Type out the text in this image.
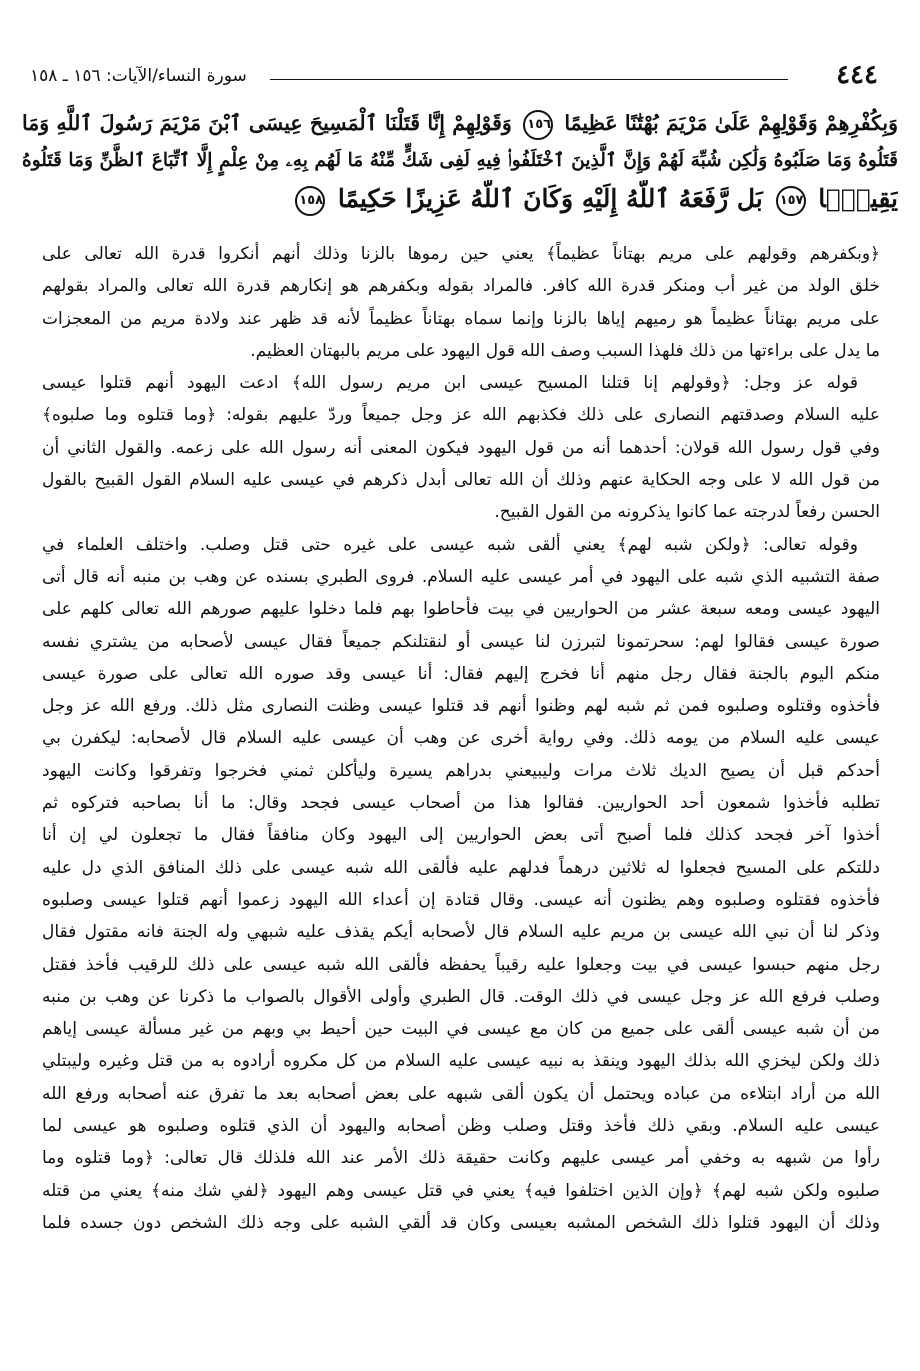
٤٤٤
سورة النساء/الآيات: ١٥٦ ـ ١٥٨
وَبِكُفْرِهِمْ وَقَوْلِهِمْ عَلَىٰ مَرْيَمَ بُهْتَٰنًا عَظِيمًا ١٥٦ وَقَوْلِهِمْ إِنَّا قَتَلْنَا ٱلْمَسِيحَ عِيسَى ٱبْنَ مَرْيَمَ رَسُولَ ٱللَّهِ وَمَا
قَتَلُوهُ وَمَا صَلَبُوهُ وَلَٰكِن شُبِّهَ لَهُمْ وَإِنَّ ٱلَّذِينَ ٱخْتَلَفُوا۟ فِيهِ لَفِى شَكٍّ مِّنْهُ مَا لَهُم بِهِۦ مِنْ عِلْمٍ إِلَّا ٱتِّبَاعَ ٱلظَّنِّ وَمَا قَتَلُوهُ
يَقِينًۢا ١٥٧ بَل رَّفَعَهُ ٱللَّهُ إِلَيْهِ وَكَانَ ٱللَّهُ عَزِيزًا حَكِيمًا ١٥٨
﴿وبكفرهم وقولهم على مريم بهتاناً عظيماً﴾ يعني حين رموها بالزنا وذلك أنهم أنكروا قدرة الله تعالى على
خلق الولد من غير أب ومنكر قدرة الله كافر. فالمراد بقوله وبكفرهم هو إنكارهم قدرة الله تعالى والمراد بقولهم
على مريم بهتاناً عظيماً هو رميهم إياها بالزنا وإنما سماه بهتاناً عظيماً لأنه قد ظهر عند ولادة مريم من المعجزات
ما يدل على براءتها من ذلك فلهذا السبب وصف الله قول اليهود على مريم بالبهتان العظيم.
قوله عز وجل: ﴿وقولهم إنا قتلنا المسيح عيسى ابن مريم رسول الله﴾ ادعت اليهود أنهم قتلوا عيسى
عليه السلام وصدقتهم النصارى على ذلك فكذبهم الله عز وجل جميعاً وردّ عليهم بقوله: ﴿وما قتلوه وما صلبوه﴾
وفي قول رسول الله قولان: أحدهما أنه من قول اليهود فيكون المعنى أنه رسول الله على زعمه. والقول الثاني أن
من قول الله لا على وجه الحكاية عنهم وذلك أن الله تعالى أبدل ذكرهم في عيسى عليه السلام القول القبيح بالقول
الحسن رفعاً لدرجته عما كانوا يذكرونه من القول القبيح.
وقوله تعالى: ﴿ولكن شبه لهم﴾ يعني ألقى شبه عيسى على غيره حتى قتل وصلب. واختلف العلماء في
صفة التشبيه الذي شبه على اليهود في أمر عيسى عليه السلام. فروى الطبري بسنده عن وهب بن منبه أنه قال أتى
اليهود عيسى ومعه سبعة عشر من الحواريين في بيت فأحاطوا بهم فلما دخلوا عليهم صورهم الله تعالى كلهم على
صورة عيسى فقالوا لهم: سحرتمونا لتبرزن لنا عيسى أو لنقتلنكم جميعاً فقال عيسى لأصحابه من يشتري نفسه
منكم اليوم بالجنة فقال رجل منهم أنا فخرج إليهم فقال: أنا عيسى وقد صوره الله تعالى على صورة عيسى
فأخذوه وقتلوه وصلبوه فمن ثم شبه لهم وظنوا أنهم قد قتلوا عيسى وظنت النصارى مثل ذلك. ورفع الله عز وجل
عيسى عليه السلام من يومه ذلك. وفي رواية أخرى عن وهب أن عيسى عليه السلام قال لأصحابه: ليكفرن بي
أحدكم قبل أن يصيح الديك ثلاث مرات وليبيعني بدراهم يسيرة وليأكلن ثمني فخرجوا وتفرقوا وكانت اليهود
تطلبه فأخذوا شمعون أحد الحواريين. فقالوا هذا من أصحاب عيسى فجحد وقال: ما أنا بصاحبه فتركوه ثم
أخذوا آخر فجحد كذلك فلما أصبح أتى بعض الحواريين إلى اليهود وكان منافقاً فقال ما تجعلون لي إن أنا
دللتكم على المسيح فجعلوا له ثلاثين درهماً فدلهم عليه فألقى الله شبه عيسى على ذلك المنافق الذي دل عليه
فأخذوه فقتلوه وصلبوه وهم يظنون أنه عيسى. وقال قتادة إن أعداء الله اليهود زعموا أنهم قتلوا عيسى وصلبوه
وذكر لنا أن نبي الله عيسى بن مريم عليه السلام قال لأصحابه أيكم يقذف عليه شبهي وله الجنة فانه مقتول فقال
رجل منهم حبسوا عيسى في بيت وجعلوا عليه رقيباً يحفظه فألقى الله شبه عيسى على ذلك للرقيب فأخذ فقتل
وصلب فرفع الله عز وجل عيسى في ذلك الوقت. قال الطبري وأولى الأقوال بالصواب ما ذكرنا عن وهب بن منبه
من أن شبه عيسى ألقى على جميع من كان مع عيسى في البيت حين أحيط بي وبهم من غير مسألة عيسى إياهم
ذلك ولكن ليخزي الله بذلك اليهود وينقذ به نبيه عيسى عليه السلام من كل مكروه أرادوه به من قتل وغيره وليبتلي
الله من أراد ابتلاءه من عباده ويحتمل أن يكون ألقى شبهه على بعض أصحابه بعد ما تفرق عنه أصحابه ورفع الله
عيسى عليه السلام. وبقي ذلك فأخذ وقتل وصلب وظن أصحابه واليهود أن الذي قتلوه وصلبوه هو عيسى لما
رأوا من شبهه به وخفي أمر عيسى عليهم وكانت حقيقة ذلك الأمر عند الله فلذلك قال تعالى: ﴿وما قتلوه وما
صلبوه ولكن شبه لهم﴾ ﴿وإن الذين اختلفوا فيه﴾ يعني في قتل عيسى وهم اليهود ﴿لفي شك منه﴾ يعني من قتله
وذلك أن اليهود قتلوا ذلك الشخص المشبه بعيسى وكان قد ألقي الشبه على وجه ذلك الشخص دون جسده فلما
